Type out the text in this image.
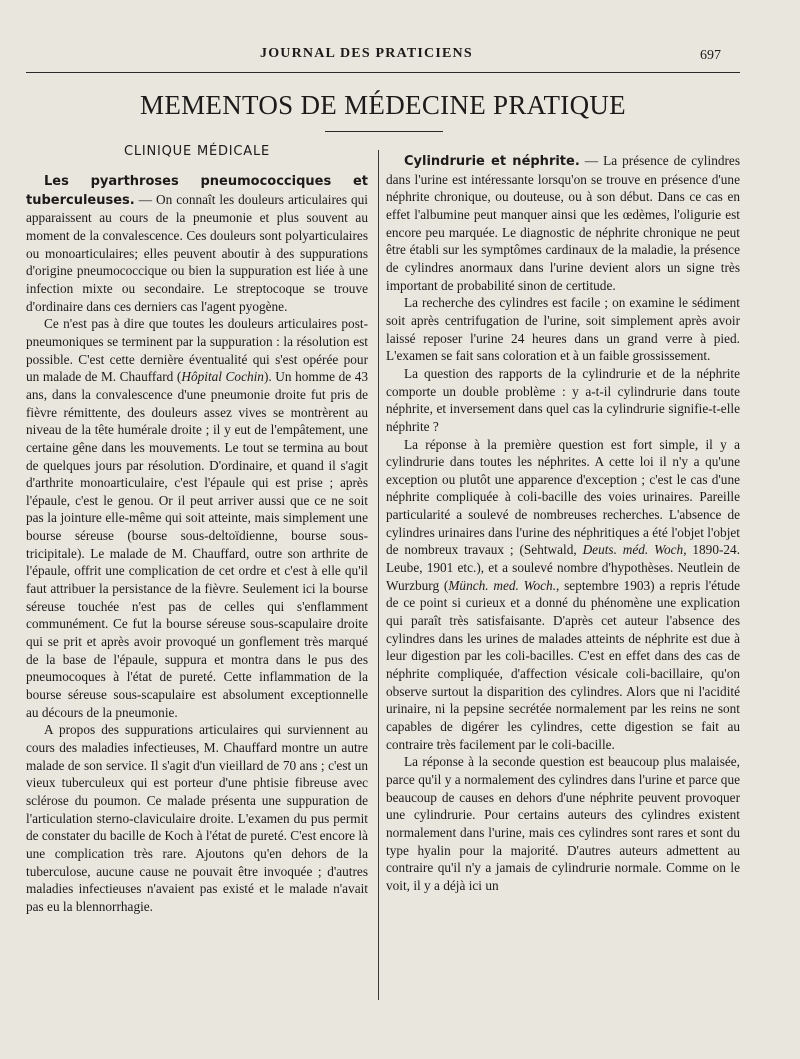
JOURNAL DES PRATICIENS	697
MEMENTOS DE MÉDECINE PRATIQUE
CLINIQUE MÉDICALE

Les pyarthroses pneumococciques et tuberculeuses. — On connaît les douleurs articulaires qui apparaissent au cours de la pneumonie et plus souvent au moment de la convalescence. Ces douleurs sont polyarticulaires ou monoarticulaires; elles peuvent aboutir à des suppurations d'origine pneumococcique ou bien la suppuration est liée à une infection mixte ou secondaire. Le streptocoque se trouve d'ordinaire dans ces derniers cas l'agent pyogène.

Ce n'est pas à dire que toutes les douleurs articulaires post-pneumoniques se terminent par la suppuration : la résolution est possible. C'est cette dernière éventualité qui s'est opérée pour un malade de M. Chauffard (Hôpital Cochin). Un homme de 43 ans, dans la convalescence d'une pneumonie droite fut pris de fièvre rémittente, des douleurs assez vives se montrèrent au niveau de la tête humérale droite ; il y eut de l'empâtement, une certaine gêne dans les mouvements. Le tout se termina au bout de quelques jours par résolution. D'ordinaire, et quand il s'agit d'arthrite monoarticulaire, c'est l'épaule qui est prise ; après l'épaule, c'est le genou. Or il peut arriver aussi que ce ne soit pas la jointure elle-même qui soit atteinte, mais simplement une bourse séreuse (bourse sous-deltoïdienne, bourse sous-tricipitale). Le malade de M. Chauffard, outre son arthrite de l'épaule, offrit une complication de cet ordre et c'est à elle qu'il faut attribuer la persistance de la fièvre. Seulement ici la bourse séreuse touchée n'est pas de celles qui s'enflamment communément. Ce fut la bourse séreuse sous-scapulaire droite qui se prit et après avoir provoqué un gonflement très marqué de la base de l'épaule, suppura et montra dans le pus des pneumocoques à l'état de pureté. Cette inflammation de la bourse séreuse sous-scapulaire est absolument exceptionnelle au décours de la pneumonie.

A propos des suppurations articulaires qui surviennent au cours des maladies infectieuses, M. Chauffard montre un autre malade de son service. Il s'agit d'un vieillard de 70 ans ; c'est un vieux tuberculeux qui est porteur d'une phtisie fibreuse avec sclérose du poumon. Ce malade présenta une suppuration de l'articulation sterno-claviculaire droite. L'examen du pus permit de constater du bacille de Koch à l'état de pureté. C'est encore là une complication très rare. Ajoutons qu'en dehors de la tuberculose, aucune cause ne pouvait être invoquée ; d'autres maladies infectieuses n'avaient pas existé et le malade n'avait pas eu la blennorrhagie.

Cylindrurie et néphrite. — La présence de cylindres dans l'urine est intéressante lorsqu'on se trouve en présence d'une néphrite chronique, ou douteuse, ou à son début. Dans ce cas en effet l'albumine peut manquer ainsi que les œdèmes, l'oligurie est encore peu marquée. Le diagnostic de néphrite chronique ne peut être établi sur les symptômes cardinaux de la maladie, la présence de cylindres anormaux dans l'urine devient alors un signe très important de probabilité sinon de certitude.

La recherche des cylindres est facile ; on examine le sédiment soit après centrifugation de l'urine, soit simplement après avoir laissé reposer l'urine 24 heures dans un grand verre à pied. L'examen se fait sans coloration et à un faible grossissement.

La question des rapports de la cylindrurie et de la néphrite comporte un double problème : y a-t-il cylindrurie dans toute néphrite, et inversement dans quel cas la cylindrurie signifie-t-elle néphrite ?

La réponse à la première question est fort simple, il y a cylindrurie dans toutes les néphrites. A cette loi il n'y a qu'une exception ou plutôt une apparence d'exception ; c'est le cas d'une néphrite compliquée à coli-bacille des voies urinaires. Pareille particularité a soulevé de nombreuses recherches. L'absence de cylindres urinaires dans l'urine des néphritiques a été l'objet l'objet de nombreux travaux ; (Sehtwald, Deuts. méd. Woch, 1890-24. Leube, 1901 etc.), et a soulevé nombre d'hypothèses. Neutlein de Wurzburg (Münch. med. Woch., septembre 1903) a repris l'étude de ce point si curieux et a donné du phénomène une explication qui paraît très satisfaisante. D'après cet auteur l'absence des cylindres dans les urines de malades atteints de néphrite est due à leur digestion par les coli-bacilles. C'est en effet dans des cas de néphrite compliquée, d'affection vésicale coli-bacillaire, qu'on observe surtout la disparition des cylindres. Alors que ni l'acidité urinaire, ni la pepsine secrétée normalement par les reins ne sont capables de digérer les cylindres, cette digestion se fait au contraire très facilement par le coli-bacille.

La réponse à la seconde question est beaucoup plus malaisée, parce qu'il y a normalement des cylindres dans l'urine et parce que beaucoup de causes en dehors d'une néphrite peuvent provoquer une cylindrurie. Pour certains auteurs des cylindres existent normalement dans l'urine, mais ces cylindres sont rares et sont du type hyalin pour la majorité. D'autres auteurs admettent au contraire qu'il n'y a jamais de cylindrurie normale. Comme on le voit, il y a déjà ici un
